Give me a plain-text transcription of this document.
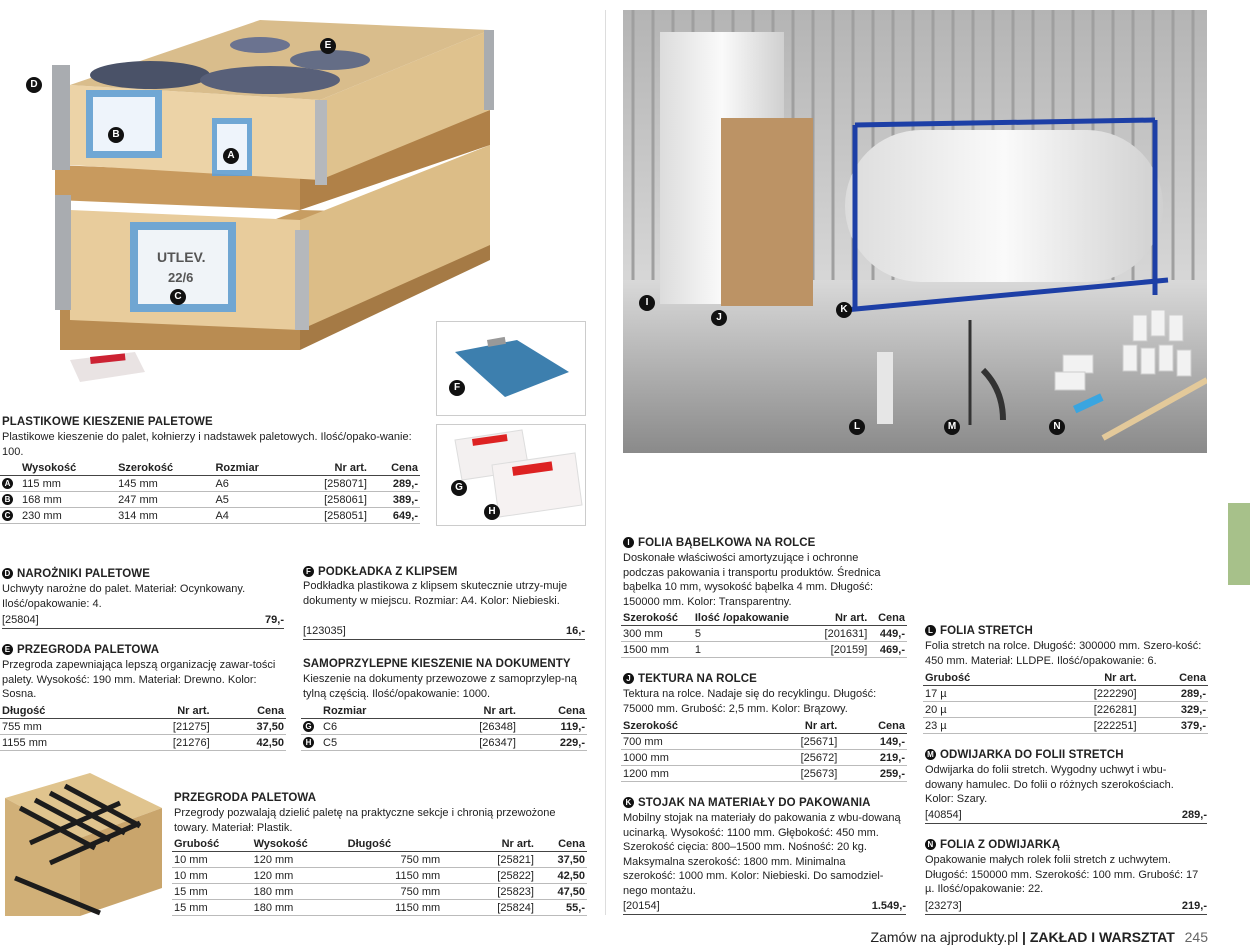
UTLEV.
22/6
A
B
C
D
E
F
G
H
PLASTIKOWE KIESZENIE PALETOWE
Plastikowe kieszenie do palet, kołnierzy i nadstawek paletowych. Ilość/opako-wanie: 100.
	Wysokość	Szerokość	Rozmiar	Nr art.	Cena
A	115 mm	145 mm	A6	[258071]	289,-
B	168 mm	247 mm	A5	[258061]	389,-
C	230 mm	314 mm	A4	[258051]	649,-
D NAROŻNIKI PALETOWE
Uchwyty narożne do palet. Materiał: Ocynkowany. Ilość/opakowanie: 4.
[25804]	79,-
E PRZEGRODA PALETOWA
Przegroda zapewniająca lepszą organizację zawar-tości palety. Wysokość: 190 mm. Materiał: Drewno. Kolor: Sosna.
Długość	Nr art.	Cena
755 mm	[21275]	37,50
1155 mm	[21276]	42,50
F PODKŁADKA Z KLIPSEM
Podkładka plastikowa z klipsem skutecznie utrzy-muje dokumenty w miejscu. Rozmiar: A4. Kolor: Niebieski.
[123035]	16,-
SAMOPRZYLEPNE KIESZENIE NA DOKUMENTY
Kieszenie na dokumenty przewozowe z samoprzylep-ną tylną częścią. Ilość/opakowanie: 1000.
	Rozmiar	Nr art.	Cena
G	C6	[26348]	119,-
H	C5	[26347]	229,-
PRZEGRODA PALETOWA
Przegrody pozwalają dzielić paletę na praktyczne sekcje i chronią przewożone towary. Materiał: Plastik.
Grubość	Wysokość	Długość	Nr art.	Cena
10 mm	120 mm	750 mm	[25821]	37,50
10 mm	120 mm	1150 mm	[25822]	42,50
15 mm	180 mm	750 mm	[25823]	47,50
15 mm	180 mm	1150 mm	[25824]	55,-
I
J
K
L	M	N
I FOLIA BĄBELKOWA NA ROLCE
Doskonałe właściwości amortyzujące i ochronne podczas pakowania i transportu produktów. Średnica bąbelka 10 mm, wysokość bąbelka 4 mm. Długość: 150000 mm. Kolor: Transparentny.
Szerokość	Ilość /opakowanie	Nr art.	Cena
300 mm	5	[201631]	449,-
1500 mm	1	[20159]	469,-
J TEKTURA NA ROLCE
Tektura na rolce. Nadaje się do recyklingu. Długość: 75000 mm. Grubość: 2,5 mm. Kolor: Brązowy.
Szerokość	Nr art.	Cena
700 mm	[25671]	149,-
1000 mm	[25672]	219,-
1200 mm	[25673]	259,-
K STOJAK NA MATERIAŁY DO PAKOWANIA
Mobilny stojak na materiały do pakowania z wbu-dowaną ucinarką. Wysokość: 1100 mm. Głębokość: 450 mm. Szerokość cięcia: 800–1500 mm. Nośność: 20 kg. Maksymalna szerokość: 1800 mm. Minimalna szerokość: 1000 mm. Kolor: Niebieski. Do samodziel-nego montażu.
[20154]	1.549,-
L FOLIA STRETCH
Folia stretch na rolce. Długość: 300000 mm. Szero-kość: 450 mm. Materiał: LLDPE. Ilość/opakowanie: 6.
Grubość	Nr art.	Cena
17 µ	[222290]	289,-
20 µ	[226281]	329,-
23 µ	[222251]	379,-
M ODWIJARKA DO FOLII STRETCH
Odwijarka do folii stretch. Wygodny uchwyt i wbu-dowany hamulec. Do folii o różnych szerokościach. Kolor: Szary.
[40854]	289,-
N FOLIA Z ODWIJARKĄ
Opakowanie małych rolek folii stretch z uchwytem. Długość: 150000 mm. Szerokość: 100 mm. Grubość: 17 µ. Ilość/opakowanie: 22.
[23273]	219,-
Zamów na ajprodukty.pl | ZAKŁAD I WARSZTAT 245
